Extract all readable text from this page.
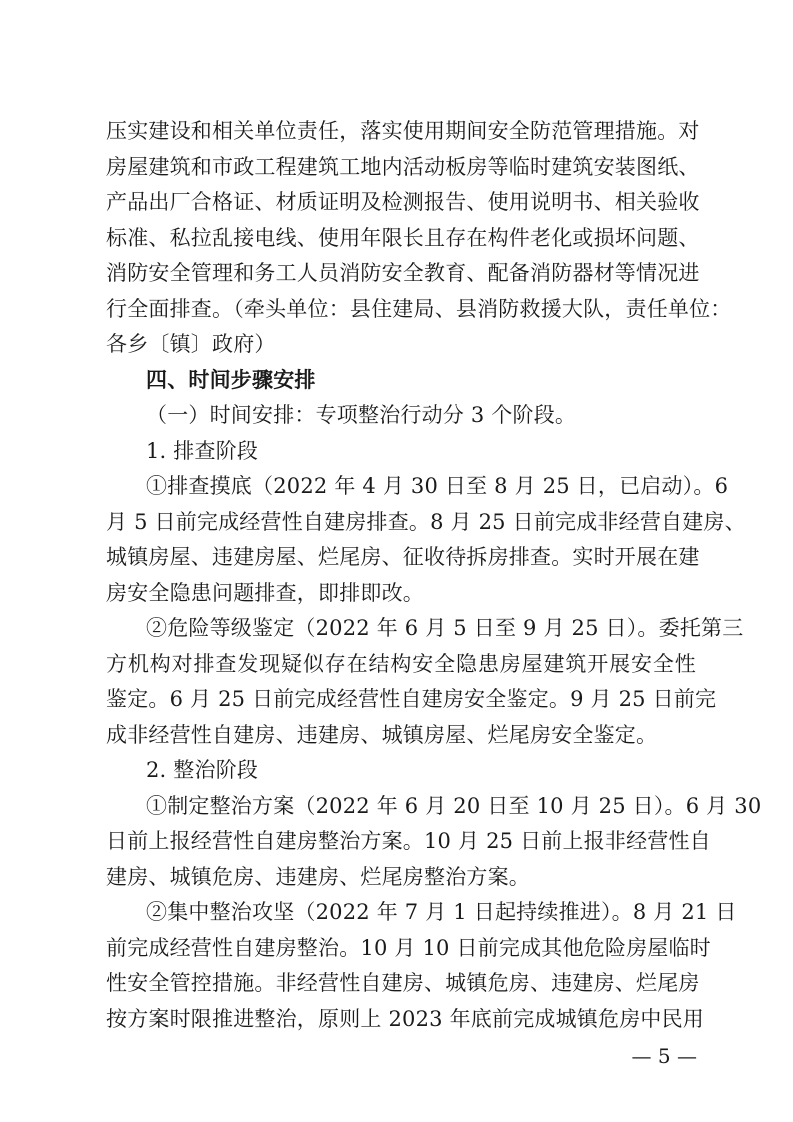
压实建设和相关单位责任，落实使用期间安全防范管理措施。对
房屋建筑和市政工程建筑工地内活动板房等临时建筑安装图纸、
产品出厂合格证、材质证明及检测报告、使用说明书、相关验收
标准、私拉乱接电线、使用年限长且存在构件老化或损坏问题、
消防安全管理和务工人员消防安全教育、配备消防器材等情况进
行全面排查。（牵头单位：县住建局、县消防救援大队，责任单位：
各乡〔镇〕政府）
四、时间步骤安排
（一）时间安排：专项整治行动分 3 个阶段。
1. 排查阶段
①排查摸底（2022 年 4 月 30 日至 8 月 25 日，已启动）。6
月 5 日前完成经营性自建房排查。8 月 25 日前完成非经营自建房、
城镇房屋、违建房屋、烂尾房、征收待拆房排查。实时开展在建
房安全隐患问题排查，即排即改。
②危险等级鉴定（2022 年 6 月 5 日至 9 月 25 日）。委托第三
方机构对排查发现疑似存在结构安全隐患房屋建筑开展安全性
鉴定。6 月 25 日前完成经营性自建房安全鉴定。9 月 25 日前完
成非经营性自建房、违建房、城镇房屋、烂尾房安全鉴定。
2. 整治阶段
①制定整治方案（2022 年 6 月 20 日至 10 月 25 日）。6 月 30
日前上报经营性自建房整治方案。10 月 25 日前上报非经营性自
建房、城镇危房、违建房、烂尾房整治方案。
②集中整治攻坚（2022 年 7 月 1 日起持续推进）。8 月 21 日
前完成经营性自建房整治。10 月 10 日前完成其他危险房屋临时
性安全管控措施。非经营性自建房、城镇危房、违建房、烂尾房
按方案时限推进整治，原则上 2023 年底前完成城镇危房中民用
— 5 —
